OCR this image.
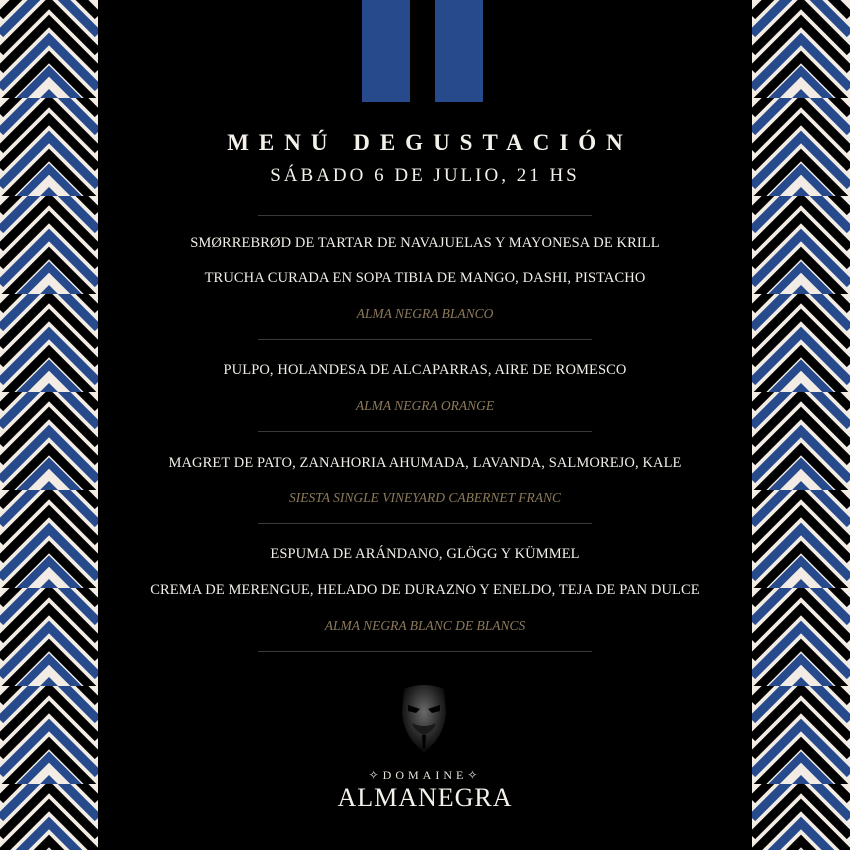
MENÚ DEGUSTACIÓN
SÁBADO 6 DE JULIO, 21 HS
SMØRREBRØD DE TARTAR DE NAVAJUELAS Y MAYONESA DE KRILL
TRUCHA CURADA EN SOPA TIBIA DE MANGO, DASHI, PISTACHO
ALMA NEGRA BLANCO
PULPO, HOLANDESA DE ALCAPARRAS, AIRE DE ROMESCO
ALMA NEGRA ORANGE
MAGRET DE PATO, ZANAHORIA AHUMADA, LAVANDA, SALMOREJO, KALE
SIESTA SINGLE VINEYARD CABERNET FRANC
ESPUMA DE ARÁNDANO, GLÖGG Y KÜMMEL
CREMA DE MERENGUE, HELADO DE DURAZNO Y ENELDO, TEJA DE PAN DULCE
ALMA NEGRA BLANC DE BLANCS
✧DOMAINE✧
ALMANEGRA
